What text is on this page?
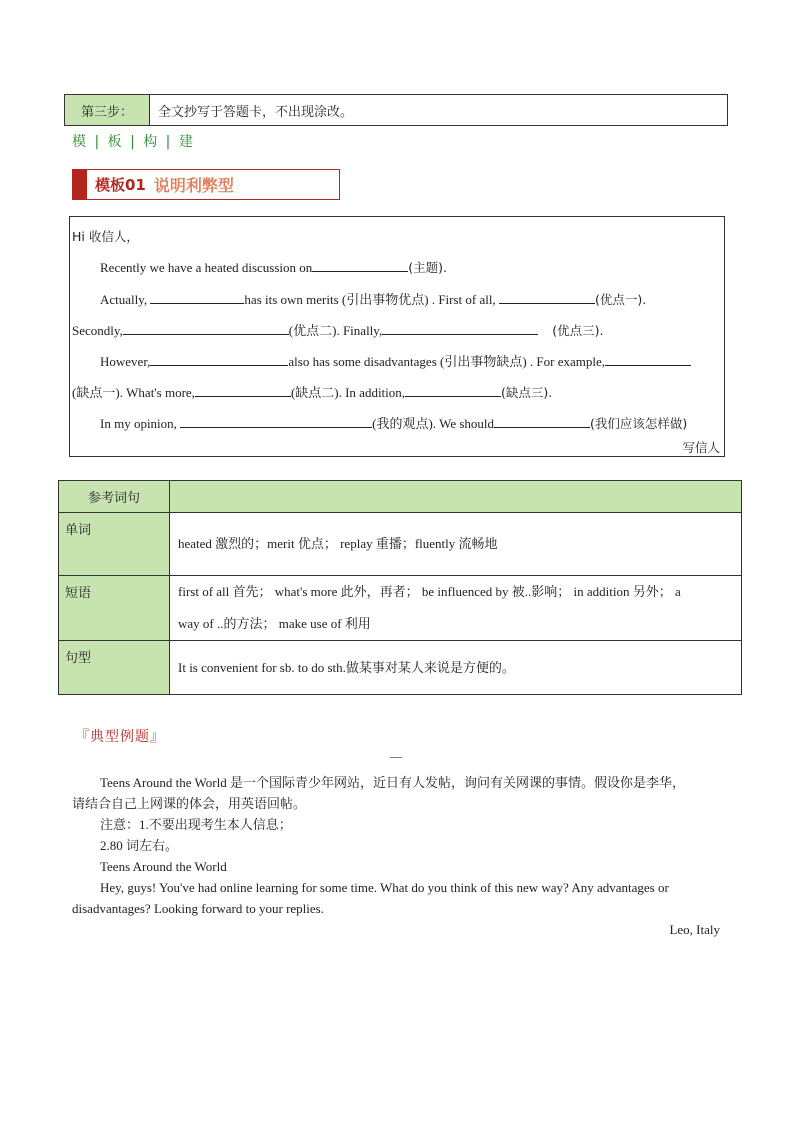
第三步：	全文抄写于答题卡，不出现涂改。
模 | 板 | 构 | 建
模板01 说明利弊型
Hi 收信人，
Recently we have a heated discussion on	(主题).
Actually,	has its own merits (引出事物优点) . First of all,	(优点一).
Secondly,	(优点二). Finally,	(优点三).
However,	also has some disadvantages (引出事物缺点) . For example,
(缺点一). What's more,	(缺点二). In addition,	(缺点三).
In my opinion,	(我的观点). We should	(我们应该怎样做)
写信人
参考词句	
单词	heated 激烈的；merit 优点； replay 重播；fluently 流畅地
短语	first of all 首先； what's more 此外，再者； be influenced by 被..影响； in addition 另外； a
way of ..的方法； make use of 利用

句型	It is convenient for sb. to do sth.做某事对某人来说是方便的。
『典型例题』
—
Teens Around the World 是一个国际青少年网站，近日有人发帖，询问有关网课的事情。假设你是李华，
请结合自己上网课的体会，用英语回帖。
注意：1.不要出现考生本人信息；
2.80 词左右。
Teens Around the World
Hey, guys! You've had online learning for some time. What do you think of this new way? Any advantages or
disadvantages? Looking forward to your replies.
Leo, Italy
